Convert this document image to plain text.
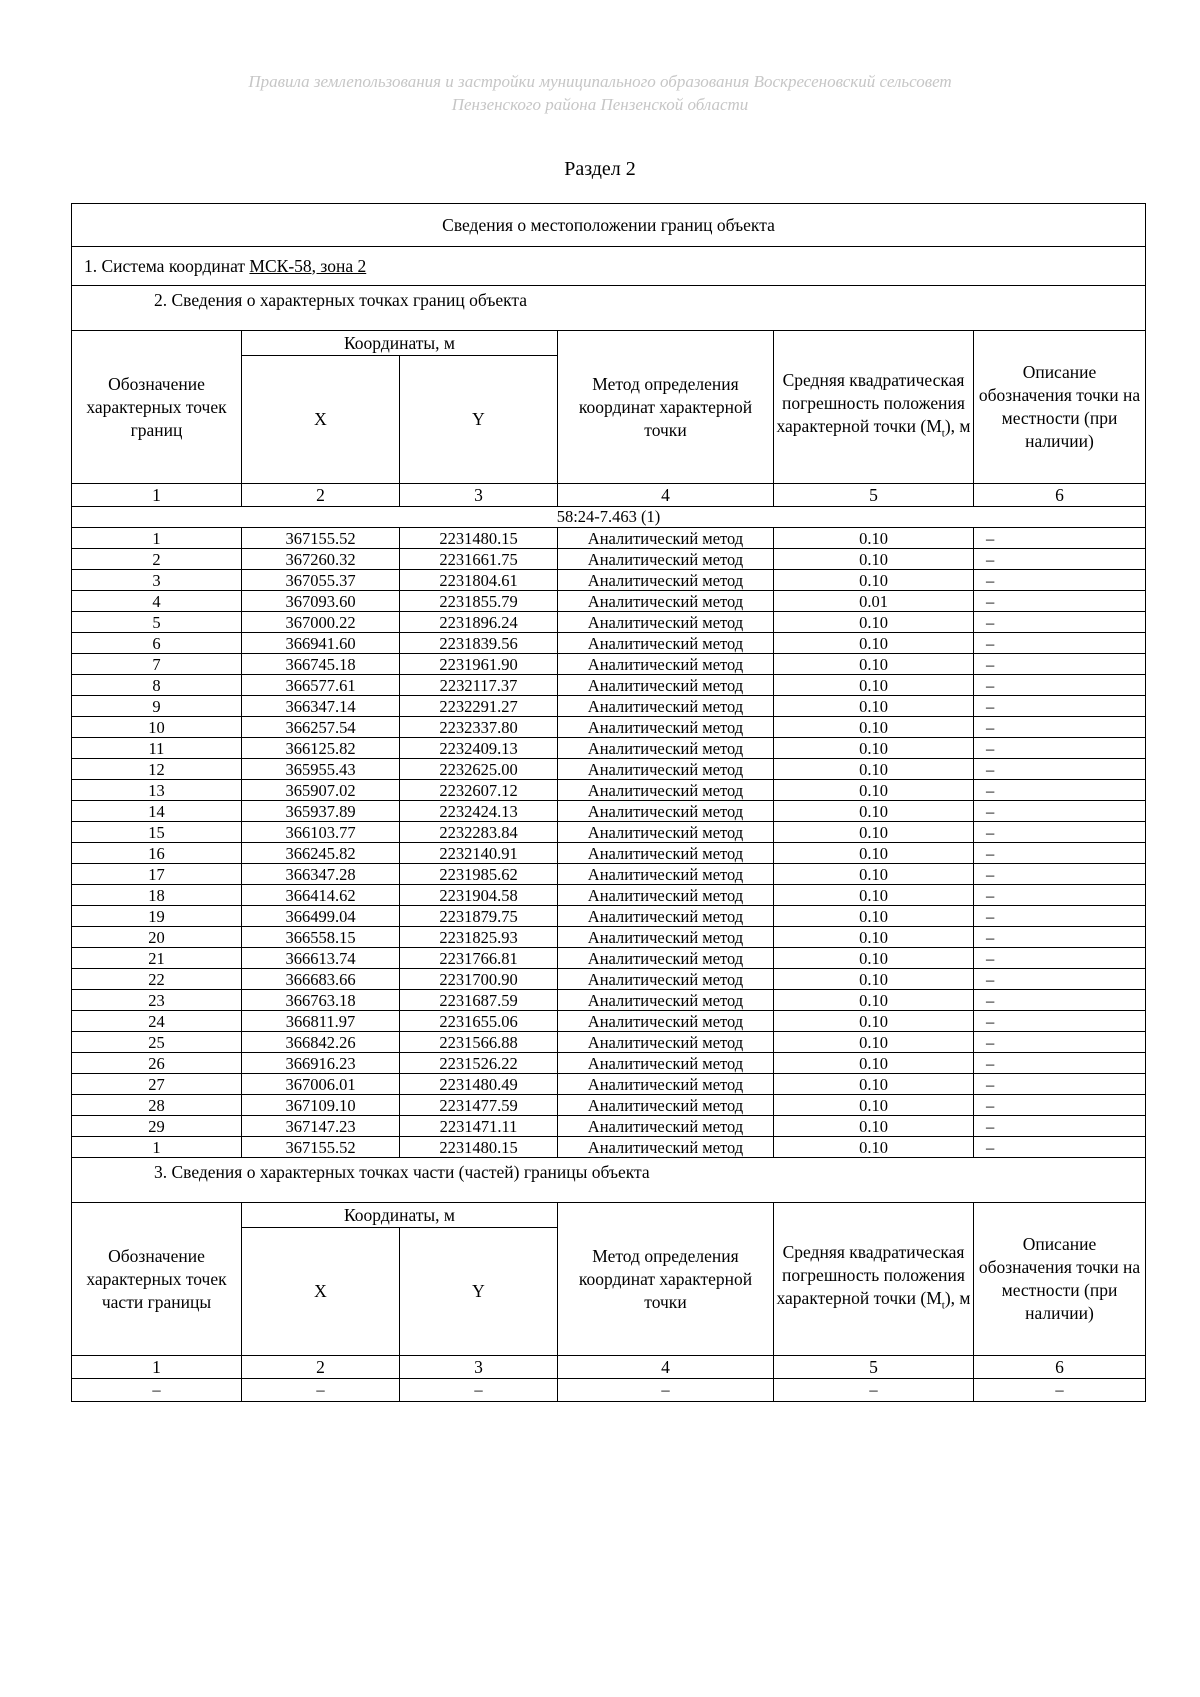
Правила землепользования и застройки муниципального образования Воскресеновский сельсовет
Пензенского района Пензенской области
Раздел 2
Сведения о местоположении границ объекта					
1. Система координат МСК-58, зона 2					
2. Сведения о характерных точках границ объекта					
Обозначение характерных точек границ	Координаты, м		Метод определения координат характерной точки	Средняя квадратическая погрешность положения характерной точки $(M_t)$, м	Описание обозначения точки на местности (при наличии)
	X	Y			
1	2	3	4	5	6
58:24-7.463 (1)					
1	367155.52	2231480.15	Аналитический метод	0.10	–
2	367260.32	2231661.75	Аналитический метод	0.10	–
3	367055.37	2231804.61	Аналитический метод	0.10	–
4	367093.60	2231855.79	Аналитический метод	0.01	–
5	367000.22	2231896.24	Аналитический метод	0.10	–
6	366941.60	2231839.56	Аналитический метод	0.10	–
7	366745.18	2231961.90	Аналитический метод	0.10	–
8	366577.61	2232117.37	Аналитический метод	0.10	–
9	366347.14	2232291.27	Аналитический метод	0.10	–
10	366257.54	2232337.80	Аналитический метод	0.10	–
11	366125.82	2232409.13	Аналитический метод	0.10	–
12	365955.43	2232625.00	Аналитический метод	0.10	–
13	365907.02	2232607.12	Аналитический метод	0.10	–
14	365937.89	2232424.13	Аналитический метод	0.10	–
15	366103.77	2232283.84	Аналитический метод	0.10	–
16	366245.82	2232140.91	Аналитический метод	0.10	–
17	366347.28	2231985.62	Аналитический метод	0.10	–
18	366414.62	2231904.58	Аналитический метод	0.10	–
19	366499.04	2231879.75	Аналитический метод	0.10	–
20	366558.15	2231825.93	Аналитический метод	0.10	–
21	366613.74	2231766.81	Аналитический метод	0.10	–
22	366683.66	2231700.90	Аналитический метод	0.10	–
23	366763.18	2231687.59	Аналитический метод	0.10	–
24	366811.97	2231655.06	Аналитический метод	0.10	–
25	366842.26	2231566.88	Аналитический метод	0.10	–
26	366916.23	2231526.22	Аналитический метод	0.10	–
27	367006.01	2231480.49	Аналитический метод	0.10	–
28	367109.10	2231477.59	Аналитический метод	0.10	–
29	367147.23	2231471.11	Аналитический метод	0.10	–
1	367155.52	2231480.15	Аналитический метод	0.10	–
3. Сведения о характерных точках части (частей) границы объекта					
Обозначение характерных точек части границы	Координаты, м		Метод определения координат характерной точки	Средняя квадратическая погрешность положения характерной точки $(M_t)$, м	Описание обозначения точки на местности (при наличии)
	X	Y			
1	2	3	4	5	6
–	–	–	–	–	–
